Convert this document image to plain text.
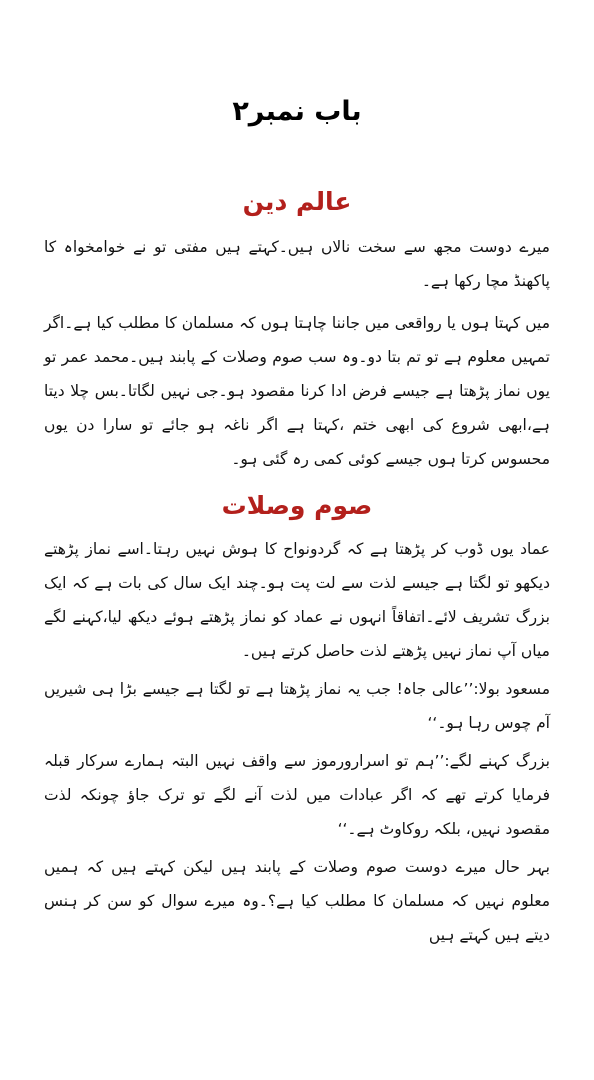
باب نمبر۲
عالم دین

میرے دوست مجھ سے سخت نالاں ہیں۔کہتے ہیں مفتی تو نے خوامخواہ کا پاکھنڈ مچا رکھا ہے۔

میں کہتا ہوں یا رواقعی میں جاننا چاہتا ہوں کہ مسلمان کا مطلب کیا ہے۔اگر تمہیں معلوم ہے تو تم بتا دو۔وہ سب صوم وصلات کے پابند ہیں۔محمد عمر تو یوں نماز پڑھتا ہے جیسے فرض ادا کرنا مقصود ہو۔جی نہیں لگاتا۔بس چلا دیتا ہے،ابھی شروع کی ابھی ختم ،کہتا ہے اگر ناغہ ہو جائے تو سارا دن یوں محسوس کرتا ہوں جیسے کوئی کمی رہ گئی ہو۔

صوم وصلات

عماد یوں ڈوب کر پڑھتا ہے کہ گردونواح کا ہوش نہیں رہتا۔اسے نماز پڑھتے دیکھو تو لگتا ہے جیسے لذت سے لت پت ہو۔چند ایک سال کی بات ہے کہ ایک بزرگ تشریف لائے۔اتفاقاً انہوں نے عماد کو نماز پڑھتے ہوئے دیکھ لیا،کہنے لگے میاں آپ نماز نہیں پڑھتے لذت حاصل کرتے ہیں۔

مسعود بولا:’’عالی جاہ! جب یہ نماز پڑھتا ہے تو لگتا ہے جیسے بڑا ہی شیریں آم چوس رہا ہو۔‘‘

بزرگ کہنے لگے:’’ہم تو اسرارورموز سے واقف نہیں البتہ ہمارے سرکار قبلہ فرمایا کرتے تھے کہ اگر عبادات میں لذت آنے لگے تو ترک جاؤ چونکہ لذت مقصود نہیں، بلکہ روکاوٹ ہے۔‘‘

بہر حال میرے دوست صوم وصلات کے پابند ہیں لیکن کہتے ہیں کہ ہمیں معلوم نہیں کہ مسلمان کا مطلب کیا ہے؟۔وہ میرے سوال کو سن کر ہنس دیتے ہیں کہتے ہیں
